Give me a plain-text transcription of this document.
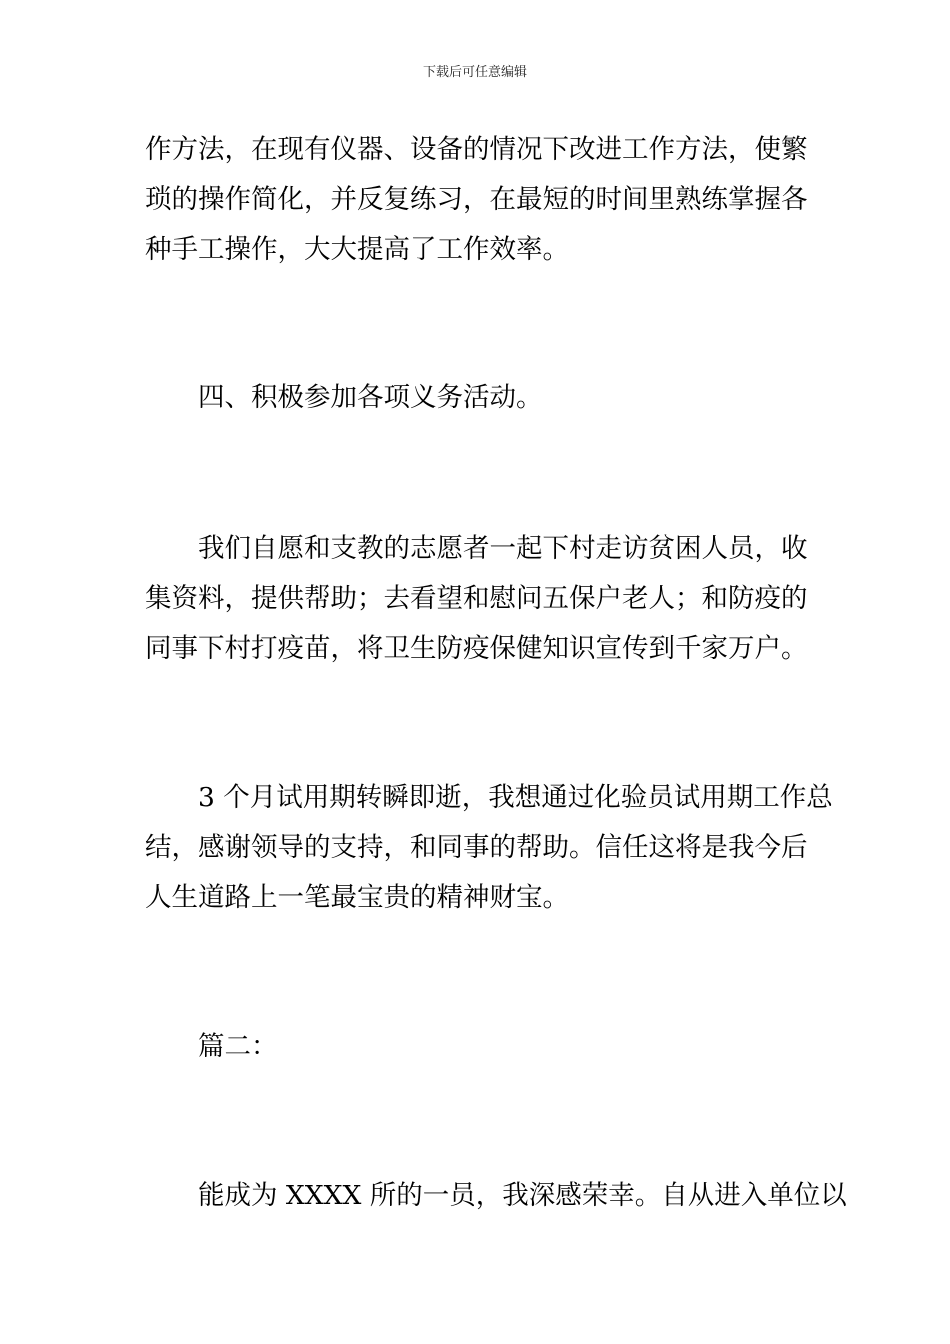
下载后可任意编辑
作方法，在现有仪器、设备的情况下改进工作方法，使繁
琐的操作简化，并反复练习，在最短的时间里熟练掌握各
种手工操作，大大提高了工作效率。
四、积极参加各项义务活动。
我们自愿和支教的志愿者一起下村走访贫困人员，收
集资料，提供帮助；去看望和慰问五保户老人；和防疫的
同事下村打疫苗，将卫生防疫保健知识宣传到千家万户。
3 个月试用期转瞬即逝，我想通过化验员试用期工作总
结，感谢领导的支持，和同事的帮助。信任这将是我今后
人生道路上一笔最宝贵的精神财宝。
篇二：
能成为 XXXX 所的一员，我深感荣幸。自从进入单位以
